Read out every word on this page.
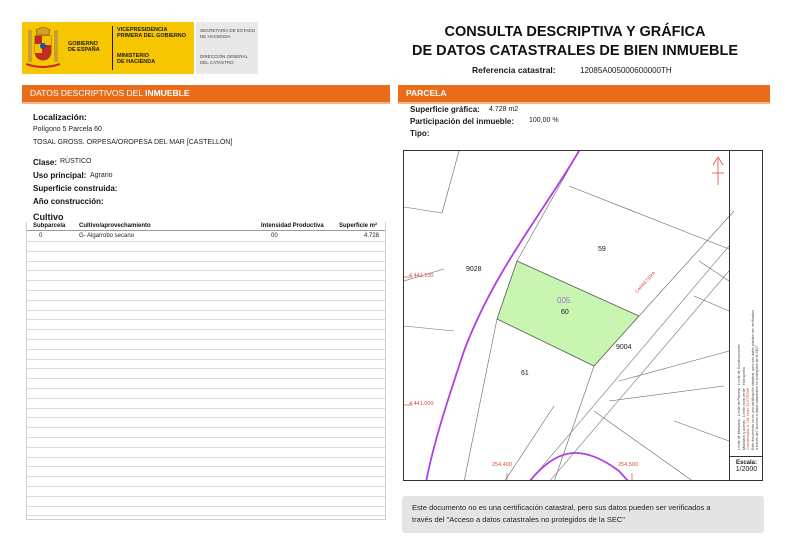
GOBIERNO
DE ESPAÑA
VICEPRESIDENCIA
PRIMERA DEL GOBIERNO
MINISTERIO
DE HACIENDA
SECRETARÍA DE ESTADO
DE HACIENDA
DIRECCIÓN GENERAL
DEL CATASTRO
CONSULTA DESCRIPTIVA Y GRÁFICA
DE DATOS CATASTRALES DE BIEN INMUEBLE
Referencia catastral:	12085A005000600000TH
DATOS DESCRIPTIVOS DEL INMUEBLE
Localización:
Polígono 5 Parcela 60
TOSAL GROSS. ORPESA/OROPESA DEL MAR [CASTELLÓN]
Clase: RÚSTICO
Uso principal: Agrario
Superficie construida:
Año construcción:
Cultivo
Subparcela Cultivo/aprovechamiento	Intensidad Productiva	Superficie m²
0	G- Algarrobo secano	00	4.728
PARCELA
Superficie gráfica: 4.728 m2
Participación del inmueble: 100,00 %
Tipo:
59
9028
005
60
9004
61
CARRETERA
4.441.100
4.441.000
254.400	254.500
Límite de Manzana · Límite de Parcela · Límite de Construcciones
Mobiliario y aceras · Límite zona verde · Hidrografía
Coordenadas U.T.M. Huso 31 ETRS89 Este documento no es una certificación catastral, pero sus datos pueden ser verificados a través del "Acceso a datos catastrales no protegidos de la SEC"
Escala:
1/2000
Este documento no es una certificación catastral, pero sus datos pueden ser verificados a
través del "Acceso a datos catastrales no protegidos de la SEC"
